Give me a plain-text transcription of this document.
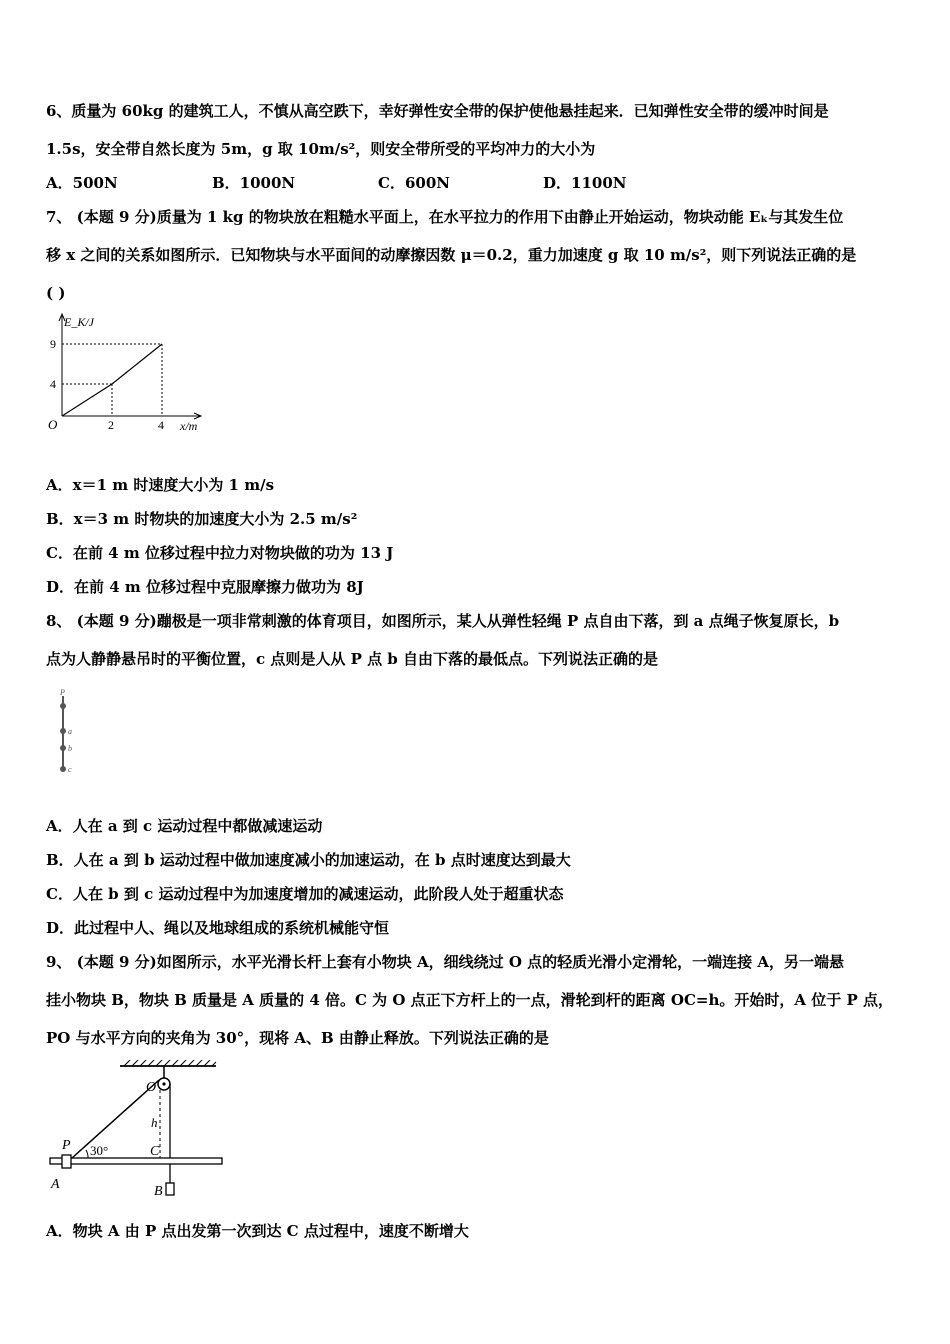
6、质量为 60kg 的建筑工人，不慎从高空跌下，幸好弹性安全带的保护使他悬挂起来．已知弹性安全带的缓冲时间是
1.5s，安全带自然长度为 5m，g 取 10m/s²，则安全带所受的平均冲力的大小为
A．500N	B．1000N	C．600N	D．1100N
7、 (本题 9 分)质量为 1 kg 的物块放在粗糙水平面上，在水平拉力的作用下由静止开始运动，物块动能 Eₖ与其发生位
移 x 之间的关系如图所示．已知物块与水平面间的动摩擦因数 μ＝0.2，重力加速度 g 取 10 m/s²，则下列说法正确的是
( )
E_K/J
x/m
O	2	4
4
9
A．x＝1 m 时速度大小为 1 m/s
B．x＝3 m 时物块的加速度大小为 2.5 m/s²
C．在前 4 m 位移过程中拉力对物块做的功为 13 J
D．在前 4 m 位移过程中克服摩擦力做功为 8J
8、 (本题 9 分)蹦极是一项非常刺激的体育项目，如图所示，某人从弹性轻绳 P 点自由下落，到 a 点绳子恢复原长，b
点为人静静悬吊时的平衡位置，c 点则是人从 P 点 b 自由下落的最低点。下列说法正确的是
P
a
b
c
A．人在 a 到 c 运动过程中都做减速运动
B．人在 a 到 b 运动过程中做加速度减小的加速运动，在 b 点时速度达到最大
C．人在 b 到 c 运动过程中为加速度增加的减速运动，此阶段人处于超重状态
D．此过程中人、绳以及地球组成的系统机械能守恒
9、 (本题 9 分)如图所示，水平光滑长杆上套有小物块 A，细线绕过 O 点的轻质光滑小定滑轮，一端连接 A，另一端悬
挂小物块 B，物块 B 质量是 A 质量的 4 倍。C 为 O 点正下方杆上的一点，滑轮到杆的距离 OC=h。开始时，A 位于 P 点，
PO 与水平方向的夹角为 30°，现将 A、B 由静止释放。下列说法正确的是
O
h
P 30°	C
A	B
A．物块 A 由 P 点出发第一次到达 C 点过程中，速度不断增大
